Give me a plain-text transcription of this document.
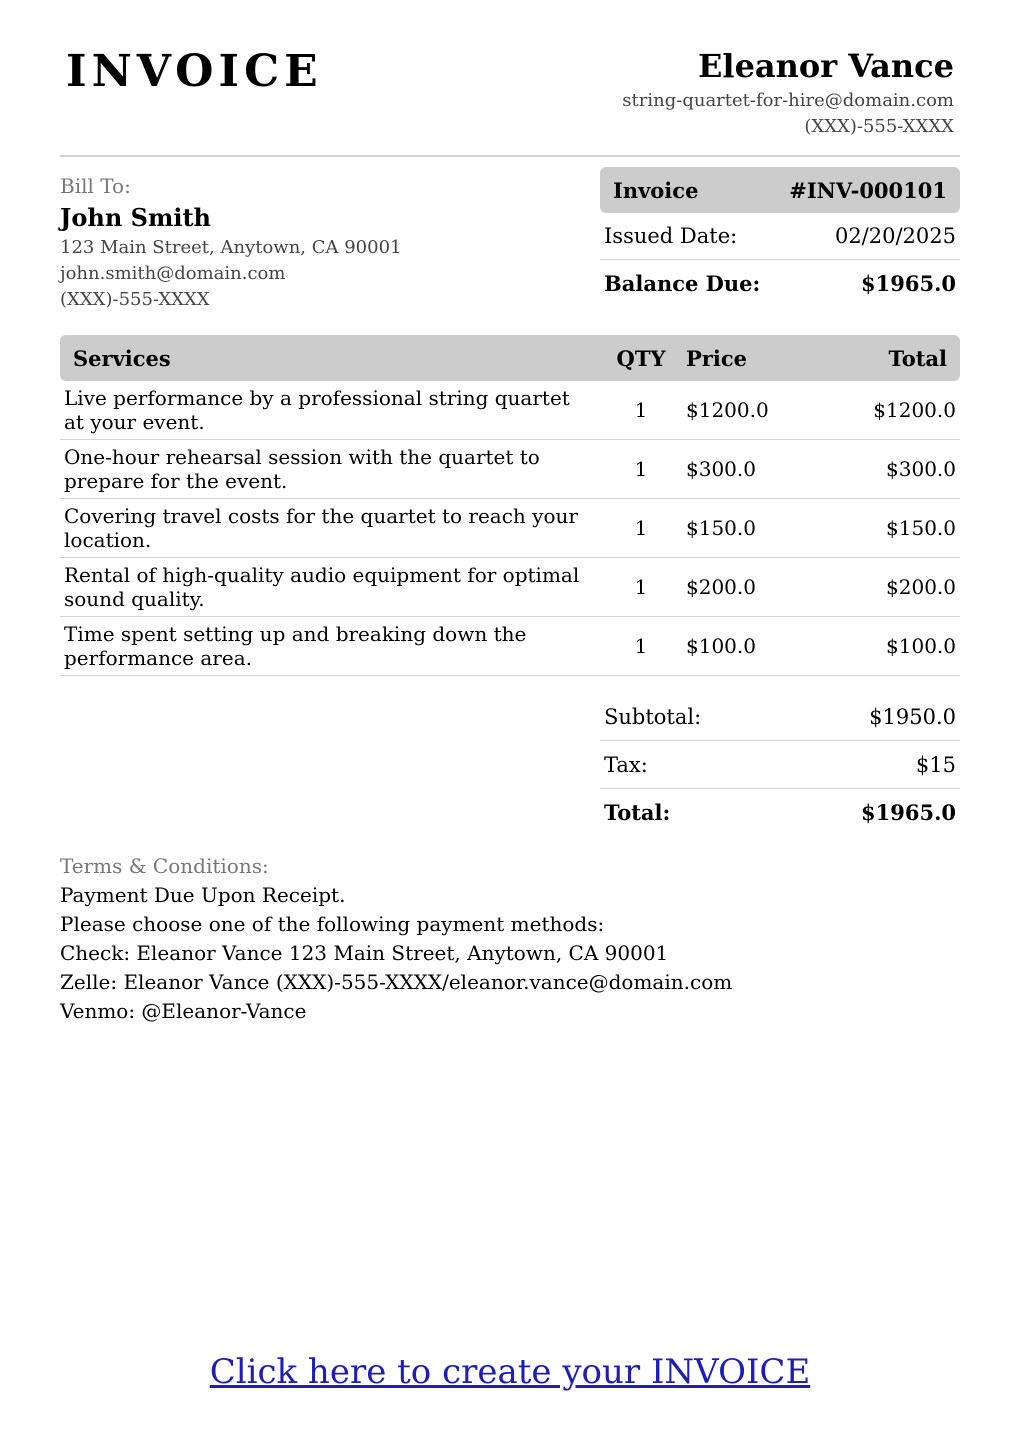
INVOICE	Eleanor Vance
string-quartet-for-hire@domain.com
(XXX)-555-XXXX
Bill To:
John Smith
123 Main Street, Anytown, CA 90001
john.smith@domain.com
(XXX)-555-XXXX
Invoice	#INV-000101
Issued Date:	02/20/2025
Balance Due:	$1965.0
Services	QTY	Price	Total
Live performance by a professional string quartet at your event.	1	$1200.0	$1200.0
One-hour rehearsal session with the quartet to prepare for the event.	1	$300.0	$300.0
Covering travel costs for the quartet to reach your location.	1	$150.0	$150.0
Rental of high-quality audio equipment for optimal sound quality.	1	$200.0	$200.0
Time spent setting up and breaking down the performance area.	1	$100.0	$100.0
Subtotal:	$1950.0
Tax:	$15
Total:	$1965.0
Terms & Conditions:
Payment Due Upon Receipt.
Please choose one of the following payment methods:
Check: Eleanor Vance 123 Main Street, Anytown, CA 90001
Zelle: Eleanor Vance (XXX)-555-XXXX/eleanor.vance@domain.com
Venmo: @Eleanor-Vance
Click here to create your INVOICE
